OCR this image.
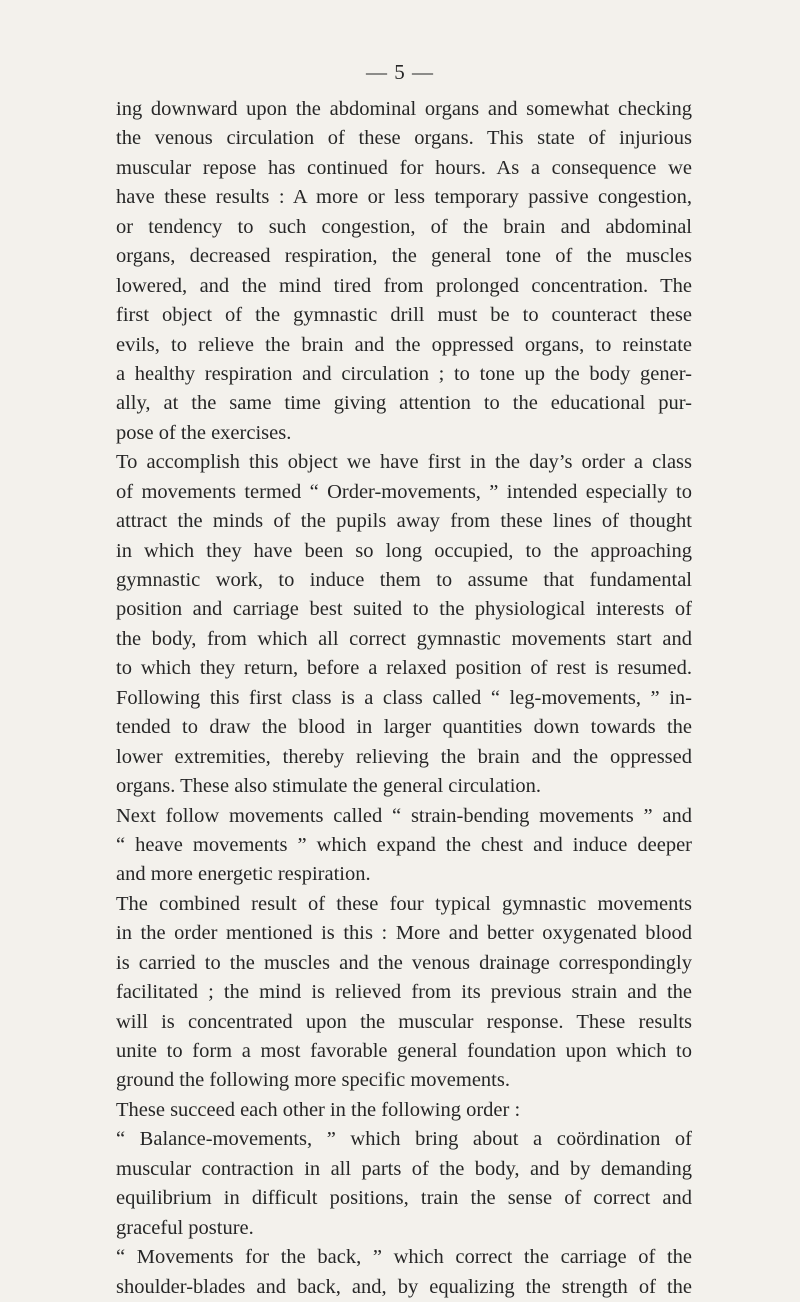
— 5 —
ing downward upon the abdominal organs and somewhat checking
the venous circulation of these organs. This state of injurious
muscular repose has continued for hours. As a consequence we
have these results : A more or less temporary passive congestion,
or tendency to such congestion, of the brain and abdominal
organs, decreased respiration, the general tone of the muscles
lowered, and the mind tired from prolonged concentration. The
first object of the gymnastic drill must be to counteract these
evils, to relieve the brain and the oppressed organs, to reinstate
a healthy respiration and circulation ; to tone up the body gener-
ally, at the same time giving attention to the educational pur-
pose of the exercises.
To accomplish this object we have first in the day’s order a class
of movements termed “ Order-movements, ” intended especially to
attract the minds of the pupils away from these lines of thought
in which they have been so long occupied, to the approaching
gymnastic work, to induce them to assume that fundamental
position and carriage best suited to the physiological interests of
the body, from which all correct gymnastic movements start and
to which they return, before a relaxed position of rest is resumed.
Following this first class is a class called “ leg-movements, ” in-
tended to draw the blood in larger quantities down towards the
lower extremities, thereby relieving the brain and the oppressed
organs. These also stimulate the general circulation.
Next follow movements called “ strain-bending movements ” and
“ heave movements ” which expand the chest and induce deeper
and more energetic respiration.
The combined result of these four typical gymnastic movements
in the order mentioned is this : More and better oxygenated blood
is carried to the muscles and the venous drainage correspondingly
facilitated ; the mind is relieved from its previous strain and the
will is concentrated upon the muscular response. These results
unite to form a most favorable general foundation upon which to
ground the following more specific movements.
These succeed each other in the following order :
“ Balance-movements, ” which bring about a coördination of
muscular contraction in all parts of the body, and by demanding
equilibrium in difficult positions, train the sense of correct and
graceful posture.
“ Movements for the back, ” which correct the carriage of the
shoulder-blades and back, and, by equalizing the strength of the
